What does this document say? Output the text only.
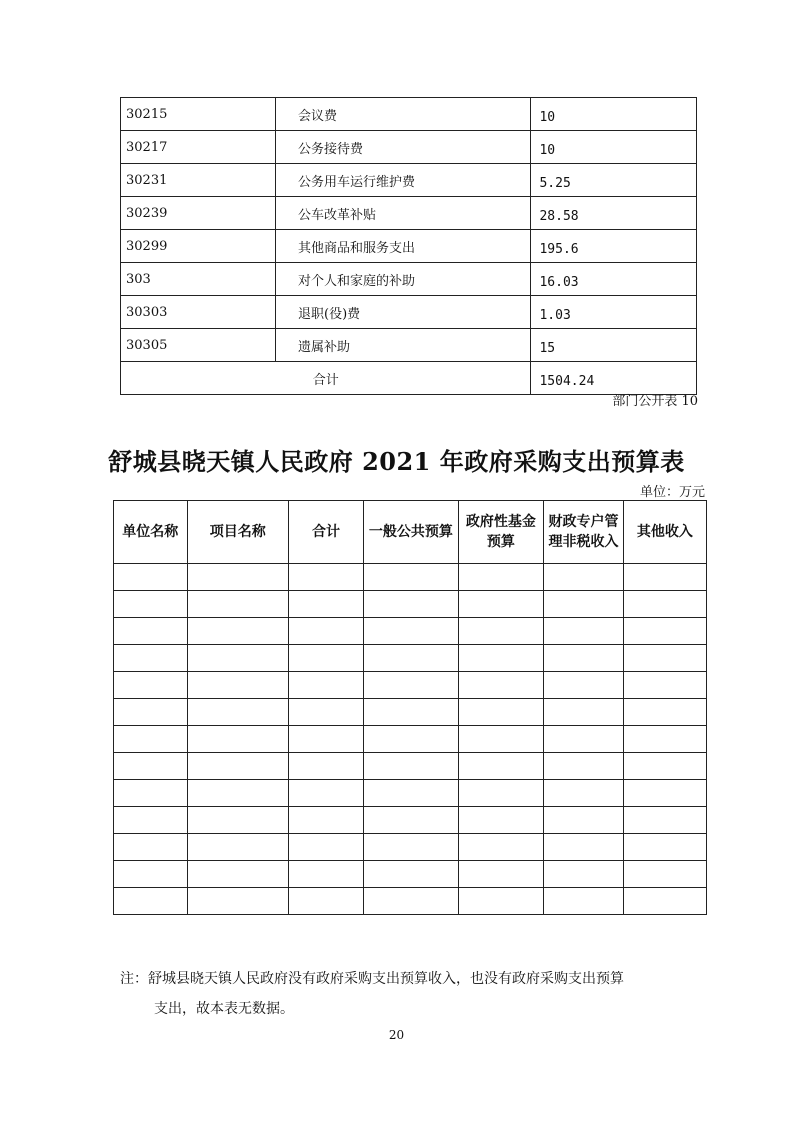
30215	会议费	10
30217	公务接待费	10
30231	公务用车运行维护费	5.25
30239	公车改革补贴	28.58
30299	其他商品和服务支出	195.6
303	对个人和家庭的补助	16.03
30303	退职(役)费	1.03
30305	遗属补助	15
合计		1504.24
部门公开表 10
舒城县晓天镇人民政府 2021 年政府采购支出预算表
单位：万元
单位名称	项目名称	合计	一般公共预算	政府性基金预算	财政专户管理非税收入	其他收入

注：舒城县晓天镇人民政府没有政府采购支出预算收入，也没有政府采购支出预算
支出，故本表无数据。
20
